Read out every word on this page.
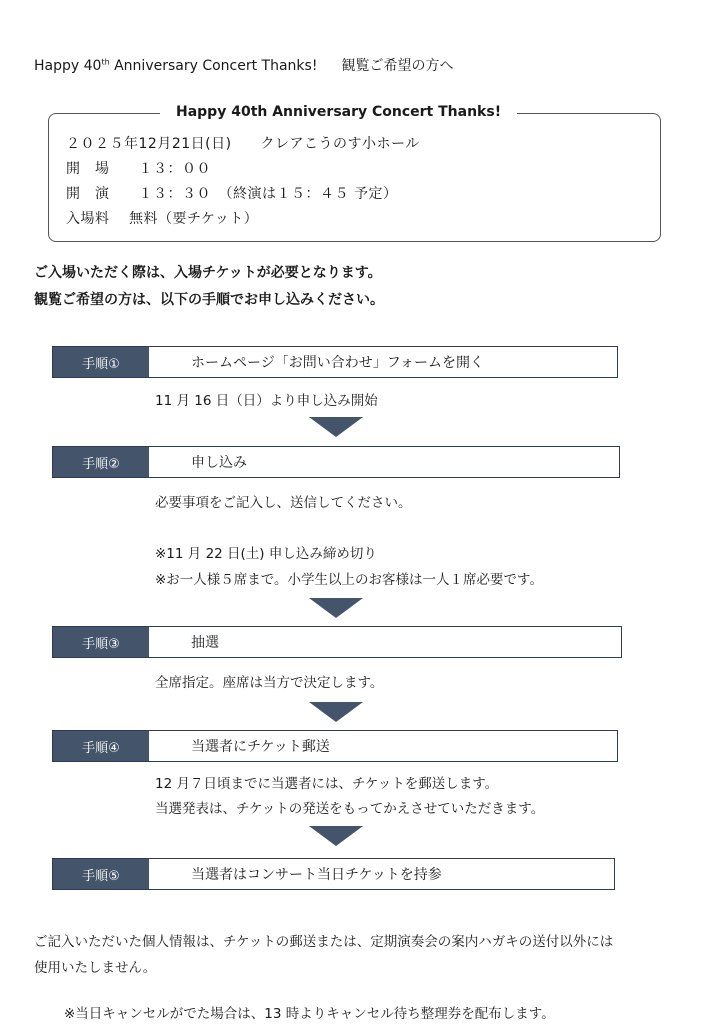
Happy 40th Anniversary Concert Thanks! 観覧ご希望の方へ
Happy 40th Anniversary Concert Thanks!
２０２５年12月21日(日)　　クレアこうのす小ホール
開　場　　１３：００
開　演　　１３：３０　（終演は１５：４５ 予定）
入場料　 無料（要チケット）
ご入場いただく際は、入場チケットが必要となります。
観覧ご希望の方は、以下の手順でお申し込みください。
手順①	ホームページ「お問い合わせ」フォームを開く
11 月 16 日（日）より申し込み開始
手順②	申し込み
必要事項をご記入し、送信してください。
※11 月 22 日(土) 申し込み締め切り
※お一人様５席まで。小学生以上のお客様は一人１席必要です。
手順③	抽選
全席指定。座席は当方で決定します。
手順④	当選者にチケット郵送
12 月７日頃までに当選者には、チケットを郵送します。
当選発表は、チケットの発送をもってかえさせていただきます。
手順⑤	当選者はコンサート当日チケットを持参
ご記入いただいた個人情報は、チケットの郵送または、定期演奏会の案内ハガキの送付以外には
使用いたしません。
※当日キャンセルがでた場合は、13 時よりキャンセル待ち整理券を配布します。
